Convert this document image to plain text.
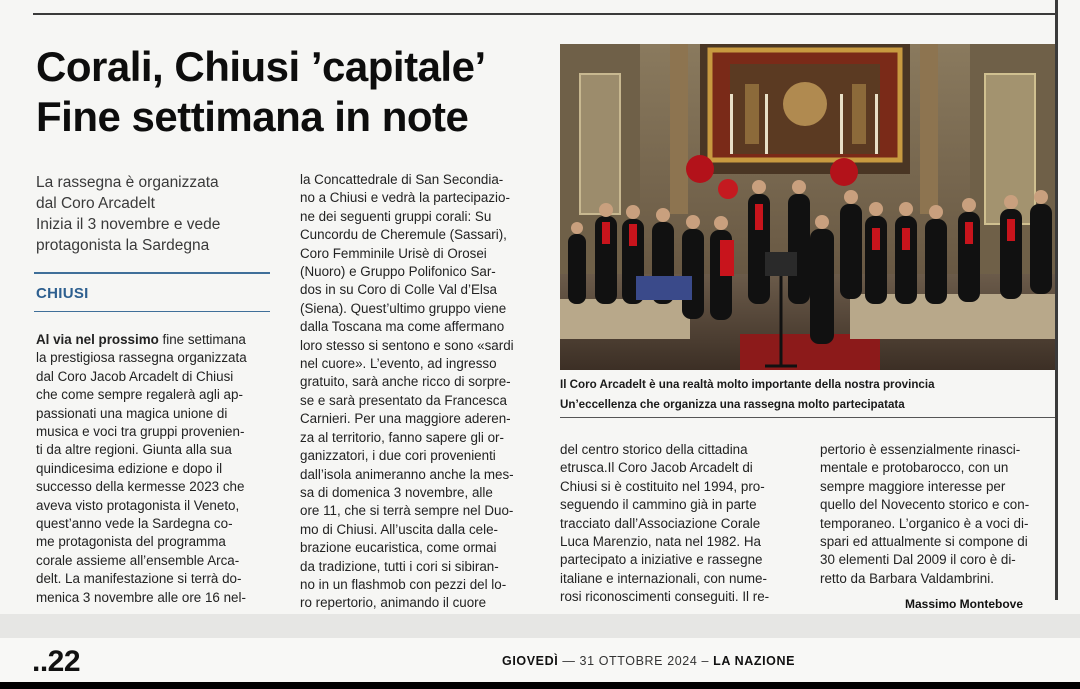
Corali, Chiusi ’capitale’
Fine settimana in note
La rassegna è organizzata
dal Coro Arcadelt
Inizia il 3 novembre e vede
protagonista la Sardegna
CHIUSI
Al via nel prossimo fine settimana
la prestigiosa rassegna organizzata
dal Coro Jacob Arcadelt di Chiusi
che come sempre regalerà agli ap-
passionati una magica unione di
musica e voci tra gruppi provenien-
ti da altre regioni. Giunta alla sua
quindicesima edizione e dopo il
successo della kermesse 2023 che
aveva visto protagonista il Veneto,
quest’anno vede la Sardegna co-
me protagonista del programma
corale assieme all’ensemble Arca-
delt. La manifestazione si terrà do-
menica 3 novembre alle ore 16 nel-
la Concattedrale di San Secondia-
no a Chiusi e vedrà la partecipazio-
ne dei seguenti gruppi corali: Su
Cuncordu de Cheremule (Sassari),
Coro Femminile Urisè di Orosei
(Nuoro) e Gruppo Polifonico Sar-
dos in su Coro di Colle Val d’Elsa
(Siena). Quest’ultimo gruppo viene
dalla Toscana ma come affermano
loro stesso si sentono e sono «sardi
nel cuore». L’evento, ad ingresso
gratuito, sarà anche ricco di sorpre-
se e sarà presentato da Francesca
Carnieri. Per una maggiore aderen-
za al territorio, fanno sapere gli or-
ganizzatori, i due cori provenienti
dall’isola animeranno anche la mes-
sa di domenica 3 novembre, alle
ore 11, che si terrà sempre nel Duo-
mo di Chiusi. All’uscita dalla cele-
brazione eucaristica, come ormai
da tradizione, tutti i cori si sibiran-
no in un flashmob con pezzi del lo-
ro repertorio, animando il cuore
Il Coro Arcadelt è una realtà molto importante della nostra provincia
Un’eccellenza che organizza una rassegna molto partecipatata
del centro storico della cittadina
etrusca.Il Coro Jacob Arcadelt di
Chiusi si è costituito nel 1994, pro-
seguendo il cammino già in parte
tracciato dall’Associazione Corale
Luca Marenzio, nata nel 1982. Ha
partecipato a iniziative e rassegne
italiane e internazionali, con nume-
rosi riconoscimenti conseguiti. Il re-
pertorio è essenzialmente rinasci-
mentale e protobarocco, con un
sempre maggiore interesse per
quello del Novecento storico e con-
temporaneo. L’organico è a voci di-
spari ed attualmente si compone di
30 elementi Dal 2009 il coro è di-
retto da Barbara Valdambrini.
Massimo Montebove
..22	GIOVEDÌ — 31 OTTOBRE 2024 – LA NAZIONE
